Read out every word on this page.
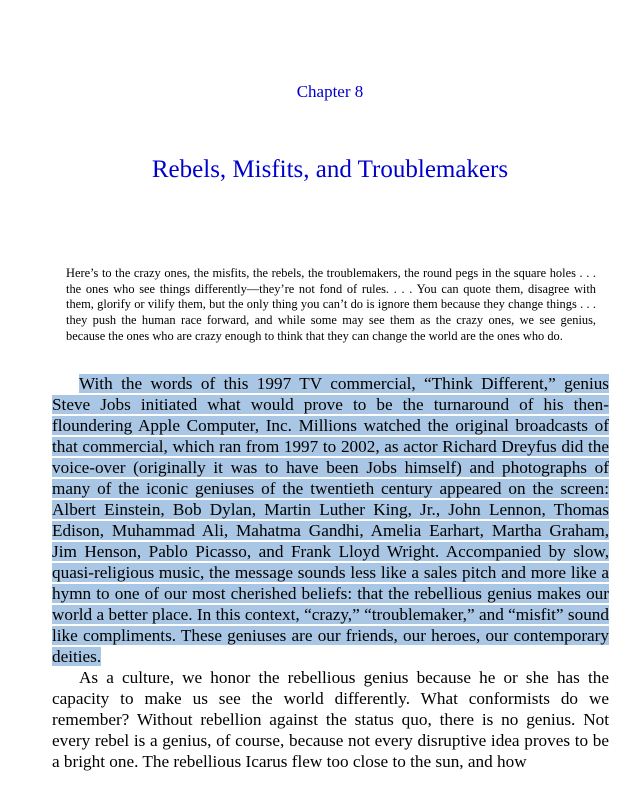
Chapter 8
Rebels, Misfits, and Troublemakers

Here’s to the crazy ones, the misfits, the rebels, the troublemakers, the round pegs in the square holes . . . the ones who see things differently—they’re not fond of rules. . . . You can quote them, disagree with them, glorify or vilify them, but the only thing you can’t do is ignore them because they change things . . . they push the human race forward, and while some may see them as the crazy ones, we see genius, because the ones who are crazy enough to think that they can change the world are the ones who do.

With the words of this 1997 TV commercial, “Think Different,” genius Steve Jobs initiated what would prove to be the turnaround of his then-floundering Apple Computer, Inc. Millions watched the original broadcasts of that commercial, which ran from 1997 to 2002, as actor Richard Dreyfus did the voice-over (originally it was to have been Jobs himself) and photographs of many of the iconic geniuses of the twentieth century appeared on the screen: Albert Einstein, Bob Dylan, Martin Luther King, Jr., John Lennon, Thomas Edison, Muhammad Ali, Mahatma Gandhi, Amelia Earhart, Martha Graham, Jim Henson, Pablo Picasso, and Frank Lloyd Wright. Accompanied by slow, quasi-religious music, the message sounds less like a sales pitch and more like a hymn to one of our most cherished beliefs: that the rebellious genius makes our world a better place. In this context, “crazy,” “troublemaker,” and “misfit” sound like compliments. These geniuses are our friends, our heroes, our contemporary deities.

As a culture, we honor the rebellious genius because he or she has the capacity to make us see the world differently. What conformists do we remember? Without rebellion against the status quo, there is no genius. Not every rebel is a genius, of course, because not every disruptive idea proves to be a bright one. The rebellious Icarus flew too close to the sun, and how
